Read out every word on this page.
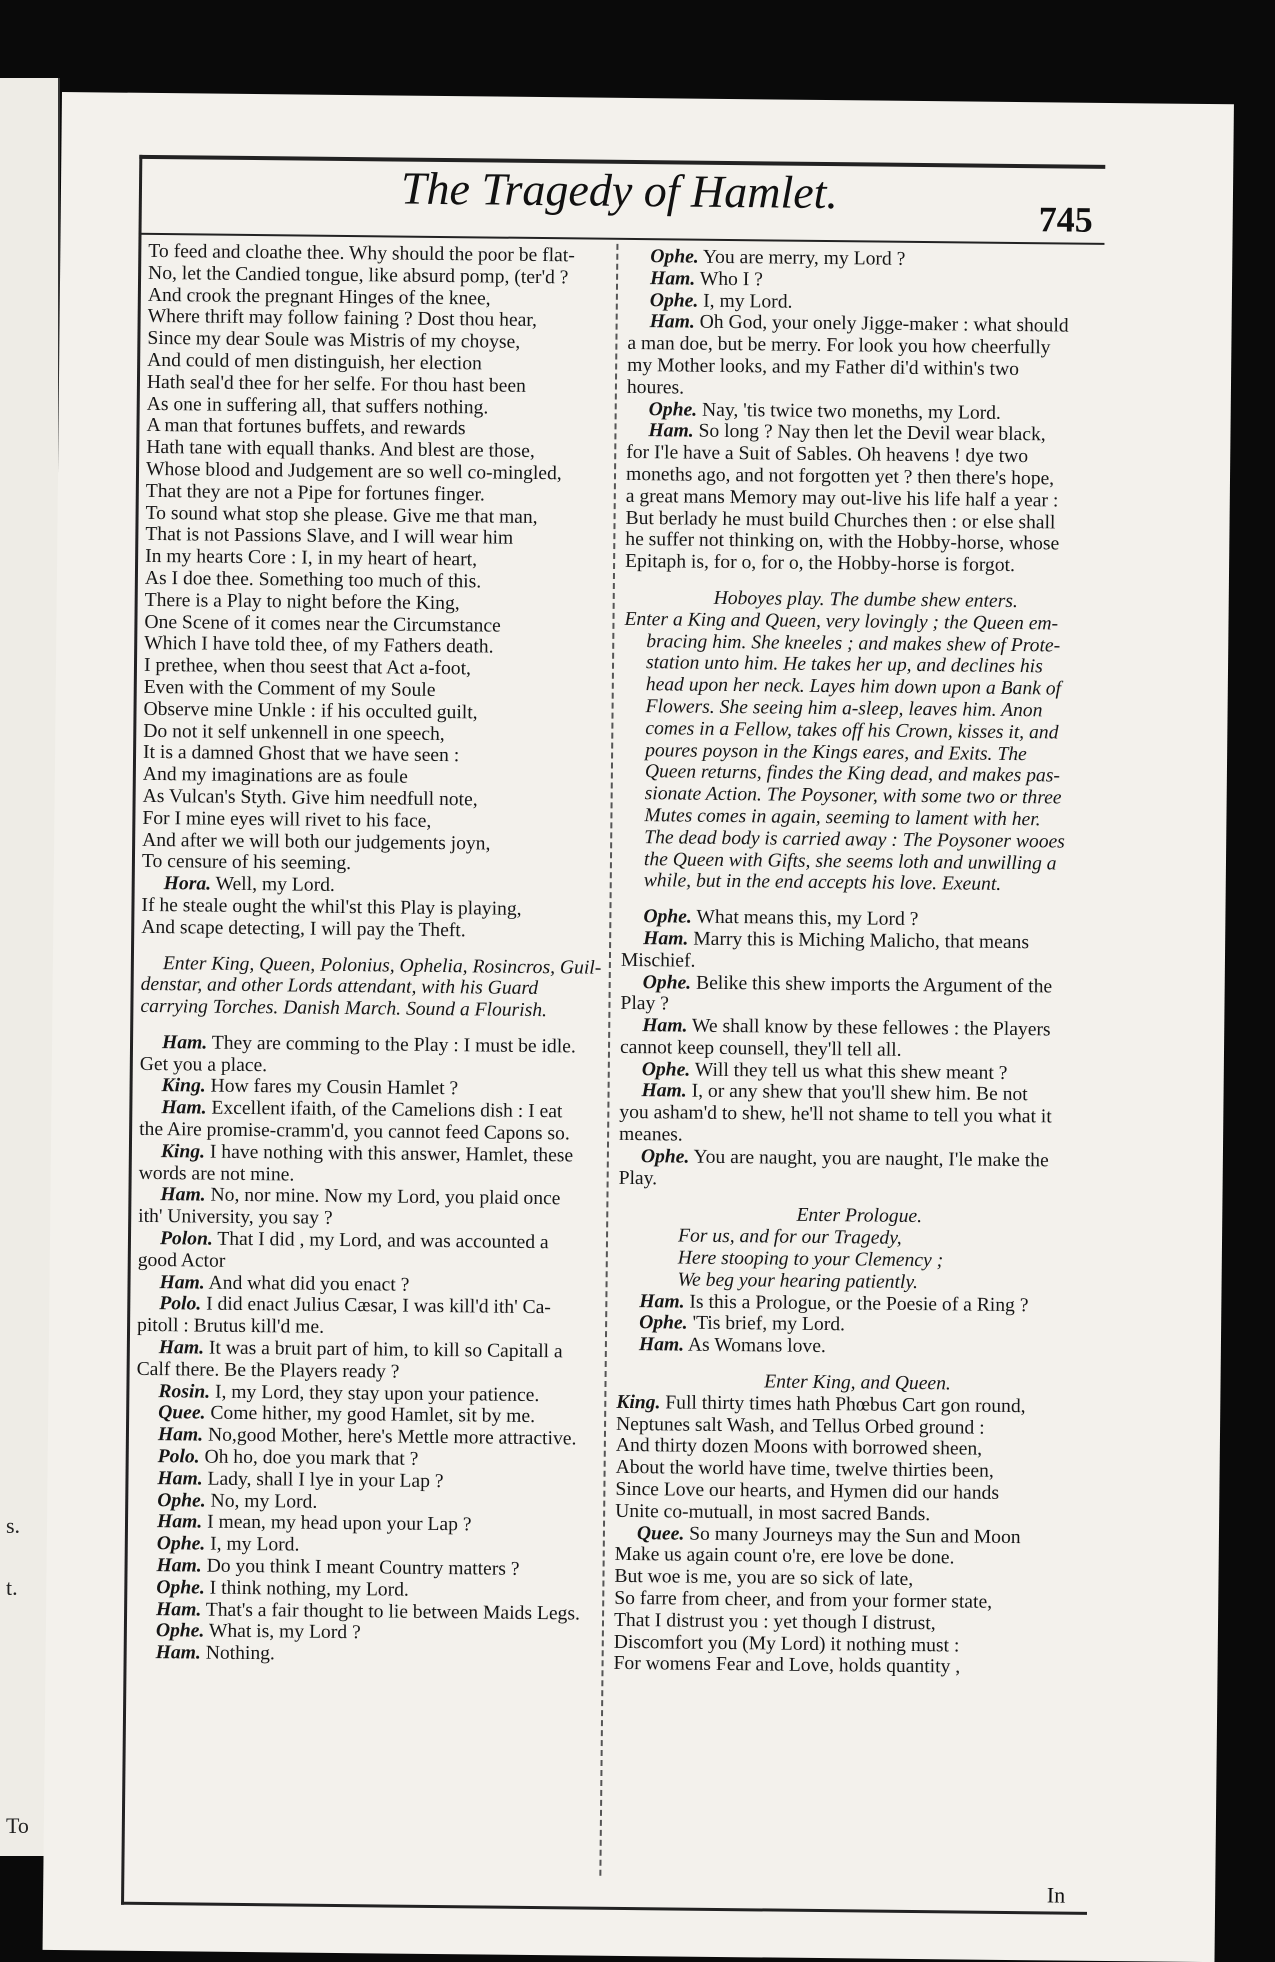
s.
t.
To
The Tragedy of Hamlet.
745
To feed and cloathe thee. Why should the poor be flat-
No, let the Candied tongue, like absurd pomp, (ter'd ?
And crook the pregnant Hinges of the knee,
Where thrift may follow faining ? Dost thou hear,
Since my dear Soule was Mistris of my choyse,
And could of men distinguish, her election
Hath seal'd thee for her selfe. For thou hast been
As one in suffering all, that suffers nothing.
A man that fortunes buffets, and rewards
Hath tane with equall thanks. And blest are those,
Whose blood and Judgement are so well co-mingled,
That they are not a Pipe for fortunes finger.
To sound what stop she please. Give me that man,
That is not Passions Slave, and I will wear him
In my hearts Core : I, in my heart of heart,
As I doe thee. Something too much of this.
There is a Play to night before the King,
One Scene of it comes near the Circumstance
Which I have told thee, of my Fathers death.
I prethee, when thou seest that Act a-foot,
Even with the Comment of my Soule
Observe mine Unkle : if his occulted guilt,
Do not it self unkennell in one speech,
It is a damned Ghost that we have seen :
And my imaginations are as foule
As Vulcan's Styth. Give him needfull note,
For I mine eyes will rivet to his face,
And after we will both our judgements joyn,
To censure of his seeming.
Hora. Well, my Lord.
If he steale ought the whil'st this Play is playing,
And scape detecting, I will pay the Theft.
Enter King, Queen, Polonius, Ophelia, Rosincros, Guil-
denstar, and other Lords attendant, with his Guard
carrying Torches. Danish March. Sound a Flourish.
Ham. They are comming to the Play : I must be idle.
Get you a place.
King. How fares my Cousin Hamlet ?
Ham. Excellent ifaith, of the Camelions dish : I eat
the Aire promise-cramm'd, you cannot feed Capons so.
King. I have nothing with this answer, Hamlet, these
words are not mine.
Ham. No, nor mine. Now my Lord, you plaid once
ith' University, you say ?
Polon. That I did , my Lord, and was accounted a
good Actor
Ham. And what did you enact ?
Polo. I did enact Julius Cæsar, I was kill'd ith' Ca-
pitoll : Brutus kill'd me.
Ham. It was a bruit part of him, to kill so Capitall a
Calf there. Be the Players ready ?
Rosin. I, my Lord, they stay upon your patience.
Quee. Come hither, my good Hamlet, sit by me.
Ham. No,good Mother, here's Mettle more attractive.
Polo. Oh ho, doe you mark that ?
Ham. Lady, shall I lye in your Lap ?
Ophe. No, my Lord.
Ham. I mean, my head upon your Lap ?
Ophe. I, my Lord.
Ham. Do you think I meant Country matters ?
Ophe. I think nothing, my Lord.
Ham. That's a fair thought to lie between Maids Legs.
Ophe. What is, my Lord ?
Ham. Nothing.
Ophe. You are merry, my Lord ?
Ham. Who I ?
Ophe. I, my Lord.
Ham. Oh God, your onely Jigge-maker : what should
a man doe, but be merry. For look you how cheerfully
my Mother looks, and my Father di'd within's two
houres.
Ophe. Nay, 'tis twice two moneths, my Lord.
Ham. So long ? Nay then let the Devil wear black,
for I'le have a Suit of Sables. Oh heavens ! dye two
moneths ago, and not forgotten yet ? then there's hope,
a great mans Memory may out-live his life half a year :
But berlady he must build Churches then : or else shall
he suffer not thinking on, with the Hobby-horse, whose
Epitaph is, for o, for o, the Hobby-horse is forgot.
Hoboyes play. The dumbe shew enters.
Enter a King and Queen, very lovingly ; the Queen em-
bracing him. She kneeles ; and makes shew of Prote-
station unto him. He takes her up, and declines his
head upon her neck. Layes him down upon a Bank of
Flowers. She seeing him a-sleep, leaves him. Anon
comes in a Fellow, takes off his Crown, kisses it, and
poures poyson in the Kings eares, and Exits. The
Queen returns, findes the King dead, and makes pas-
sionate Action. The Poysoner, with some two or three
Mutes comes in again, seeming to lament with her.
The dead body is carried away : The Poysoner wooes
the Queen with Gifts, she seems loth and unwilling a
while, but in the end accepts his love. Exeunt.
Ophe. What means this, my Lord ?
Ham. Marry this is Miching Malicho, that means
Mischief.
Ophe. Belike this shew imports the Argument of the
Play ?
Ham. We shall know by these fellowes : the Players
cannot keep counsell, they'll tell all.
Ophe. Will they tell us what this shew meant ?
Ham. I, or any shew that you'll shew him. Be not
you asham'd to shew, he'll not shame to tell you what it
meanes.
Ophe. You are naught, you are naught, I'le make the
Play.
Enter Prologue.
For us, and for our Tragedy,
Here stooping to your Clemency ;
We beg your hearing patiently.
Ham. Is this a Prologue, or the Poesie of a Ring ?
Ophe. 'Tis brief, my Lord.
Ham. As Womans love.
Enter King, and Queen.
King. Full thirty times hath Phœbus Cart gon round,
Neptunes salt Wash, and Tellus Orbed ground :
And thirty dozen Moons with borrowed sheen,
About the world have time, twelve thirties been,
Since Love our hearts, and Hymen did our hands
Unite co-mutuall, in most sacred Bands.
Quee. So many Journeys may the Sun and Moon
Make us again count o're, ere love be done.
But woe is me, you are so sick of late,
So farre from cheer, and from your former state,
That I distrust you : yet though I distrust,
Discomfort you (My Lord) it nothing must :
For womens Fear and Love, holds quantity ,
In
